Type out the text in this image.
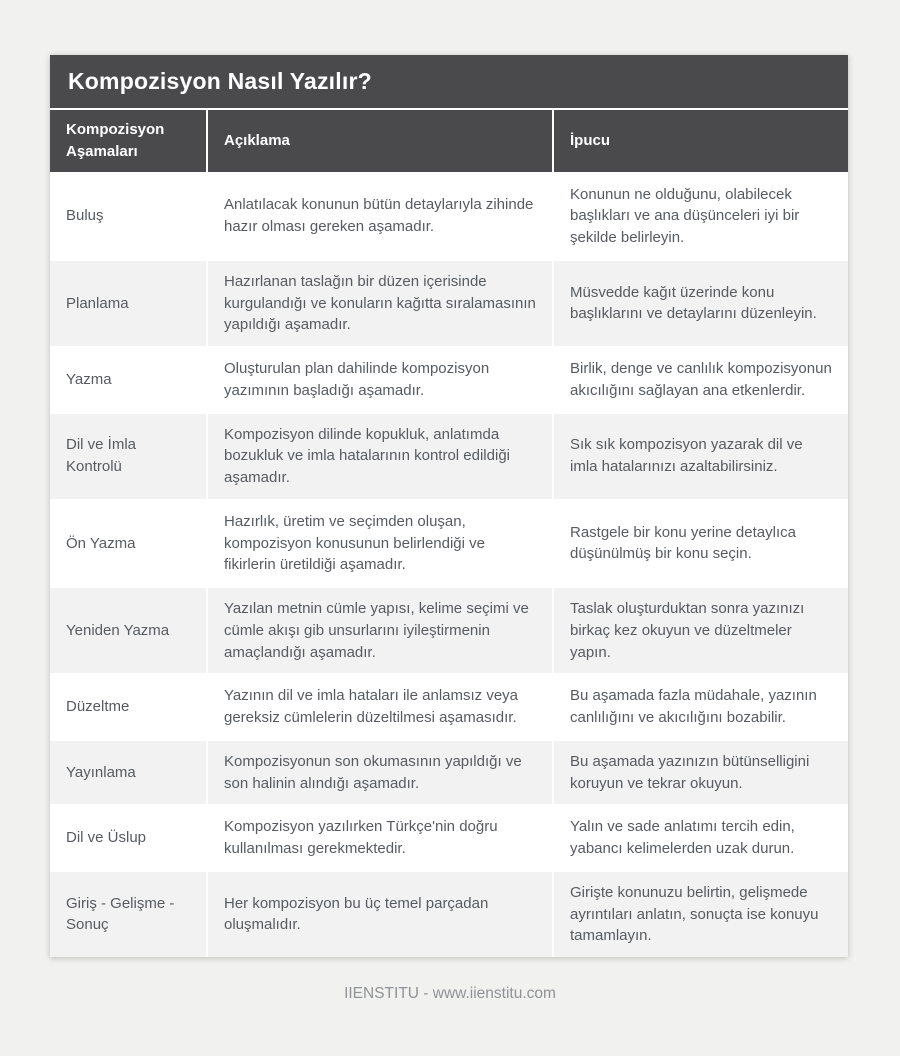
Kompozisyon Nasıl Yazılır?
Kompozisyon Aşamaları	Açıklama	İpucu
Buluş	Anlatılacak konunun bütün detaylarıyla zihinde hazır olması gereken aşamadır.	Konunun ne olduğunu, olabilecek başlıkları ve ana düşünceleri iyi bir şekilde belirleyin.
Planlama	Hazırlanan taslağın bir düzen içerisinde kurgulandığı ve konuların kağıtta sıralamasının yapıldığı aşamadır.	Müsvedde kağıt üzerinde konu başlıklarını ve detaylarını düzenleyin.
Yazma	Oluşturulan plan dahilinde kompozisyon yazımının başladığı aşamadır.	Birlik, denge ve canlılık kompozisyonun akıcılığını sağlayan ana etkenlerdir.
Dil ve İmla Kontrolü	Kompozisyon dilinde kopukluk, anlatımda bozukluk ve imla hatalarının kontrol edildiği aşamadır.	Sık sık kompozisyon yazarak dil ve imla hatalarınızı azaltabilirsiniz.
Ön Yazma	Hazırlık, üretim ve seçimden oluşan, kompozisyon konusunun belirlendiği ve fikirlerin üretildiği aşamadır.	Rastgele bir konu yerine detaylıca düşünülmüş bir konu seçin.
Yeniden Yazma	Yazılan metnin cümle yapısı, kelime seçimi ve cümle akışı gib unsurlarını iyileştirmenin amaçlandığı aşamadır.	Taslak oluşturduktan sonra yazınızı birkaç kez okuyun ve düzeltmeler yapın.
Düzeltme	Yazının dil ve imla hataları ile anlamsız veya gereksiz cümlelerin düzeltilmesi aşamasıdır.	Bu aşamada fazla müdahale, yazının canlılığını ve akıcılığını bozabilir.
Yayınlama	Kompozisyonun son okumasının yapıldığı ve son halinin alındığı aşamadır.	Bu aşamada yazınızın bütünselligini koruyun ve tekrar okuyun.
Dil ve Üslup	Kompozisyon yazılırken Türkçe'nin doğru kullanılması gerekmektedir.	Yalın ve sade anlatımı tercih edin, yabancı kelimelerden uzak durun.
Giriş - Gelişme - Sonuç	Her kompozisyon bu üç temel parçadan oluşmalıdır.	Girişte konunuzu belirtin, gelişmede ayrıntıları anlatın, sonuçta ise konuyu tamamlayın.
IIENSTITU - www.iienstitu.com
